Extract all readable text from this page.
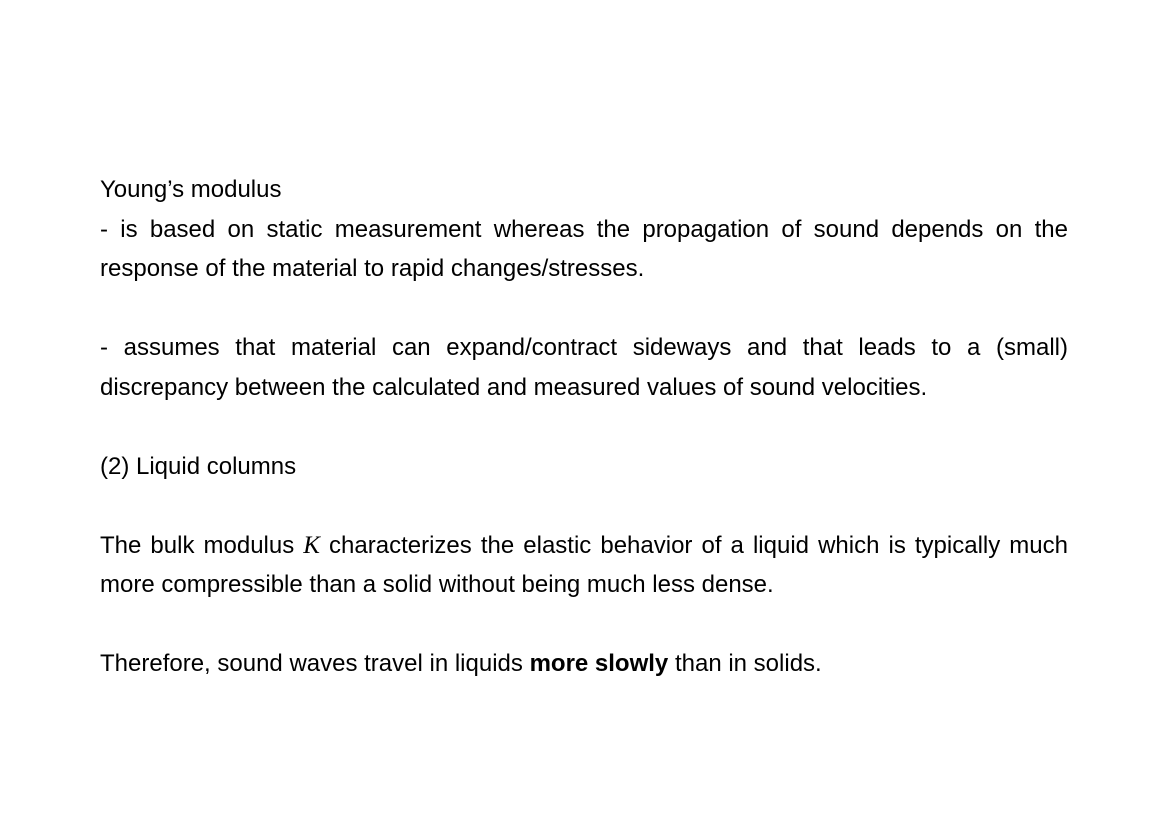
Young’s modulus

- is based on static measurement whereas the propagation of sound depends on the response of the material to rapid changes/stresses.

- assumes that material can expand/contract sideways and that leads to a (small) discrepancy between the calculated and measured values of sound velocities.

(2) Liquid columns

The bulk modulus K characterizes the elastic behavior of a liquid which is typically much more compressible than a solid without being much less dense.

Therefore, sound waves travel in liquids more slowly than in solids.
